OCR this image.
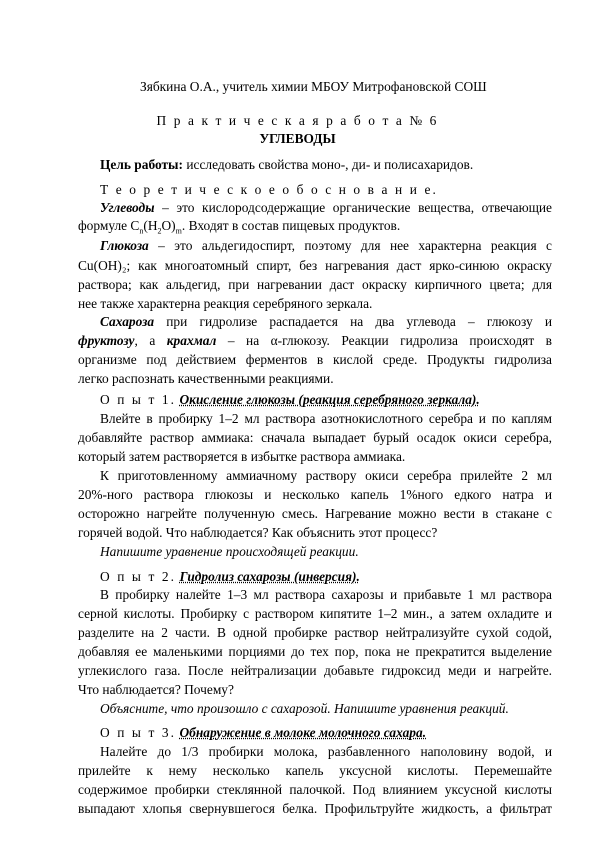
Зябкина О.А., учитель химии МБОУ Митрофановской СОШ
П р а к т и ч е с к а я р а б о т а № 6
УГЛЕВОДЫ
Цель работы: исследовать свойства моно-, ди- и полисахаридов.
Т е о р е т и ч е с к о е о б о с н о в а н и е.
Углеводы – это кислородсодержащие органические вещества, отвечающие
формуле $С_n(Н_2О)_m$. Входят в состав пищевых продуктов.
Глюкоза – это альдегидоспирт, поэтому для нее характерна реакция с
Cu(OH)₂; как многоатомный спирт, без нагревания даст ярко-синюю окраску
раствора; как альдегид, при нагревании даст окраску кирпичного цвета; для
нее также характерна реакция серебряного зеркала.
Сахароза при гидролизе распадается на два углевода – глюкозу и
фруктозу, а крахмал – на α-глюкозу. Реакции гидролиза происходят в
организме под действием ферментов в кислой среде. Продукты гидролиза
легко распознать качественными реакциями.
О п ы т 1. Окисление глюкозы (реакция серебряного зеркала).
Влейте в пробирку 1–2 мл раствора азотнокислотного серебра и по каплям
добавляйте раствор аммиака: сначала выпадает бурый осадок окиси серебра,
который затем растворяется в избытке раствора аммиака.
К приготовленному аммиачному раствору окиси серебра прилейте 2 мл
20%-ного раствора глюкозы и несколько капель 1%ного едкого натра и
осторожно нагрейте полученную смесь. Нагревание можно вести в стакане с
горячей водой. Что наблюдается? Как объяснить этот процесс?
Напишите уравнение происходящей реакции.
О п ы т 2. Гидролиз сахарозы (инверсия).
В пробирку налейте 1–3 мл раствора сахарозы и прибавьте 1 мл раствора
серной кислоты. Пробирку с раствором кипятите 1–2 мин., а затем охладите и
разделите на 2 части. В одной пробирке раствор нейтрализуйте сухой содой,
добавляя ее маленькими порциями до тех пор, пока не прекратится выделение
углекислого газа. После нейтрализации добавьте гидроксид меди и нагрейте.
Что наблюдается? Почему?
Объясните, что произошло с сахарозой. Напишите уравнения реакций.
О п ы т 3. Обнаружение в молоке молочного сахара.
Налейте до 1/3 пробирки молока, разбавленного наполовину водой, и
прилейте к нему несколько капель уксусной кислоты. Перемешайте
содержимое пробирки стеклянной палочкой. Под влиянием уксусной кислоты
выпадают хлопья свернувшегося белка. Профильтруйте жидкость, а фильтрат
